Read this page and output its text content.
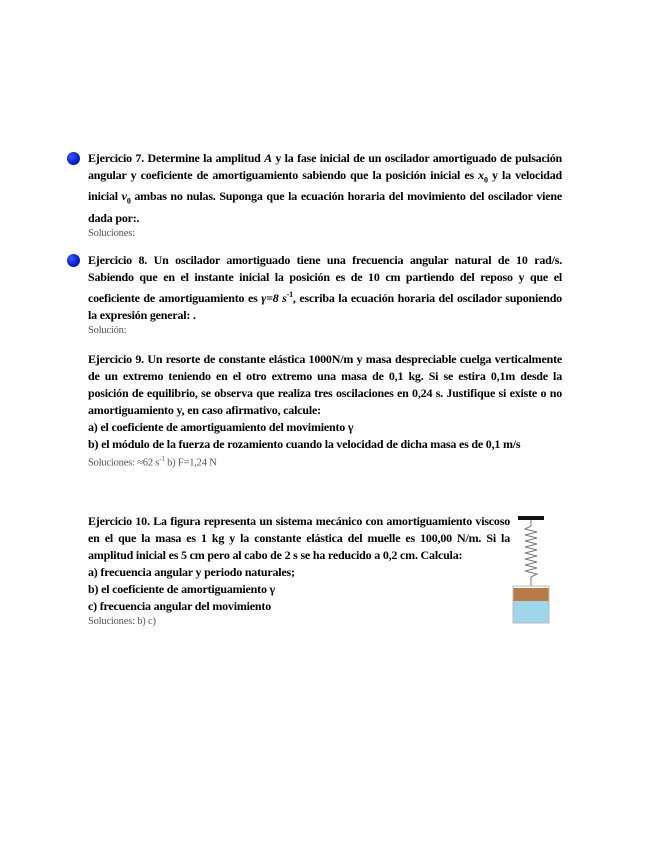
Ejercicio 7. Determine la amplitud A y la fase inicial de un oscilador amortiguado de pulsación angular y coeficiente de amortiguamiento sabiendo que la posición inicial es $x_0$ y la velocidad inicial $v_0$ ambas no nulas. Suponga que la ecuación horaria del movimiento del oscilador viene dada por:.

Soluciones:

Ejercicio 8. Un oscilador amortiguado tiene una frecuencia angular natural de 10 rad/s. Sabiendo que en el instante inicial la posición es de 10 cm partiendo del reposo y que el coeficiente de amortiguamiento es γ=8 $s^{-1}$, escriba la ecuación horaria del oscilador suponiendo la expresión general: .

Solución:

Ejercicio 9. Un resorte de constante elástica 1000N/m y masa despreciable cuelga verticalmente de un extremo teniendo en el otro extremo una masa de 0,1 kg. Si se estira 0,1m desde la posición de equilibrio, se observa que realiza tres oscilaciones en 0,24 s. Justifique si existe o no amortiguamiento y, en caso afirmativo, calcule:

a) el coeficiente de amortiguamiento del movimiento γ
b) el módulo de la fuerza de rozamiento cuando la velocidad de dicha masa es de 0,1 m/s
Soluciones: ≈62 $s^{-1}$ b) F=1,24 N

Ejercicio 10. La figura representa un sistema mecánico con amortiguamiento viscoso en el que la masa es 1 kg y la constante elástica del muelle es 100,00 N/m. Si la amplitud inicial es 5 cm pero al cabo de 2 s se ha reducido a 0,2 cm. Calcula:

a) frecuencia angular y periodo naturales;
b) el coeficiente de amortiguamiento γ
c) frecuencia angular del movimiento
Soluciones: b) c)
